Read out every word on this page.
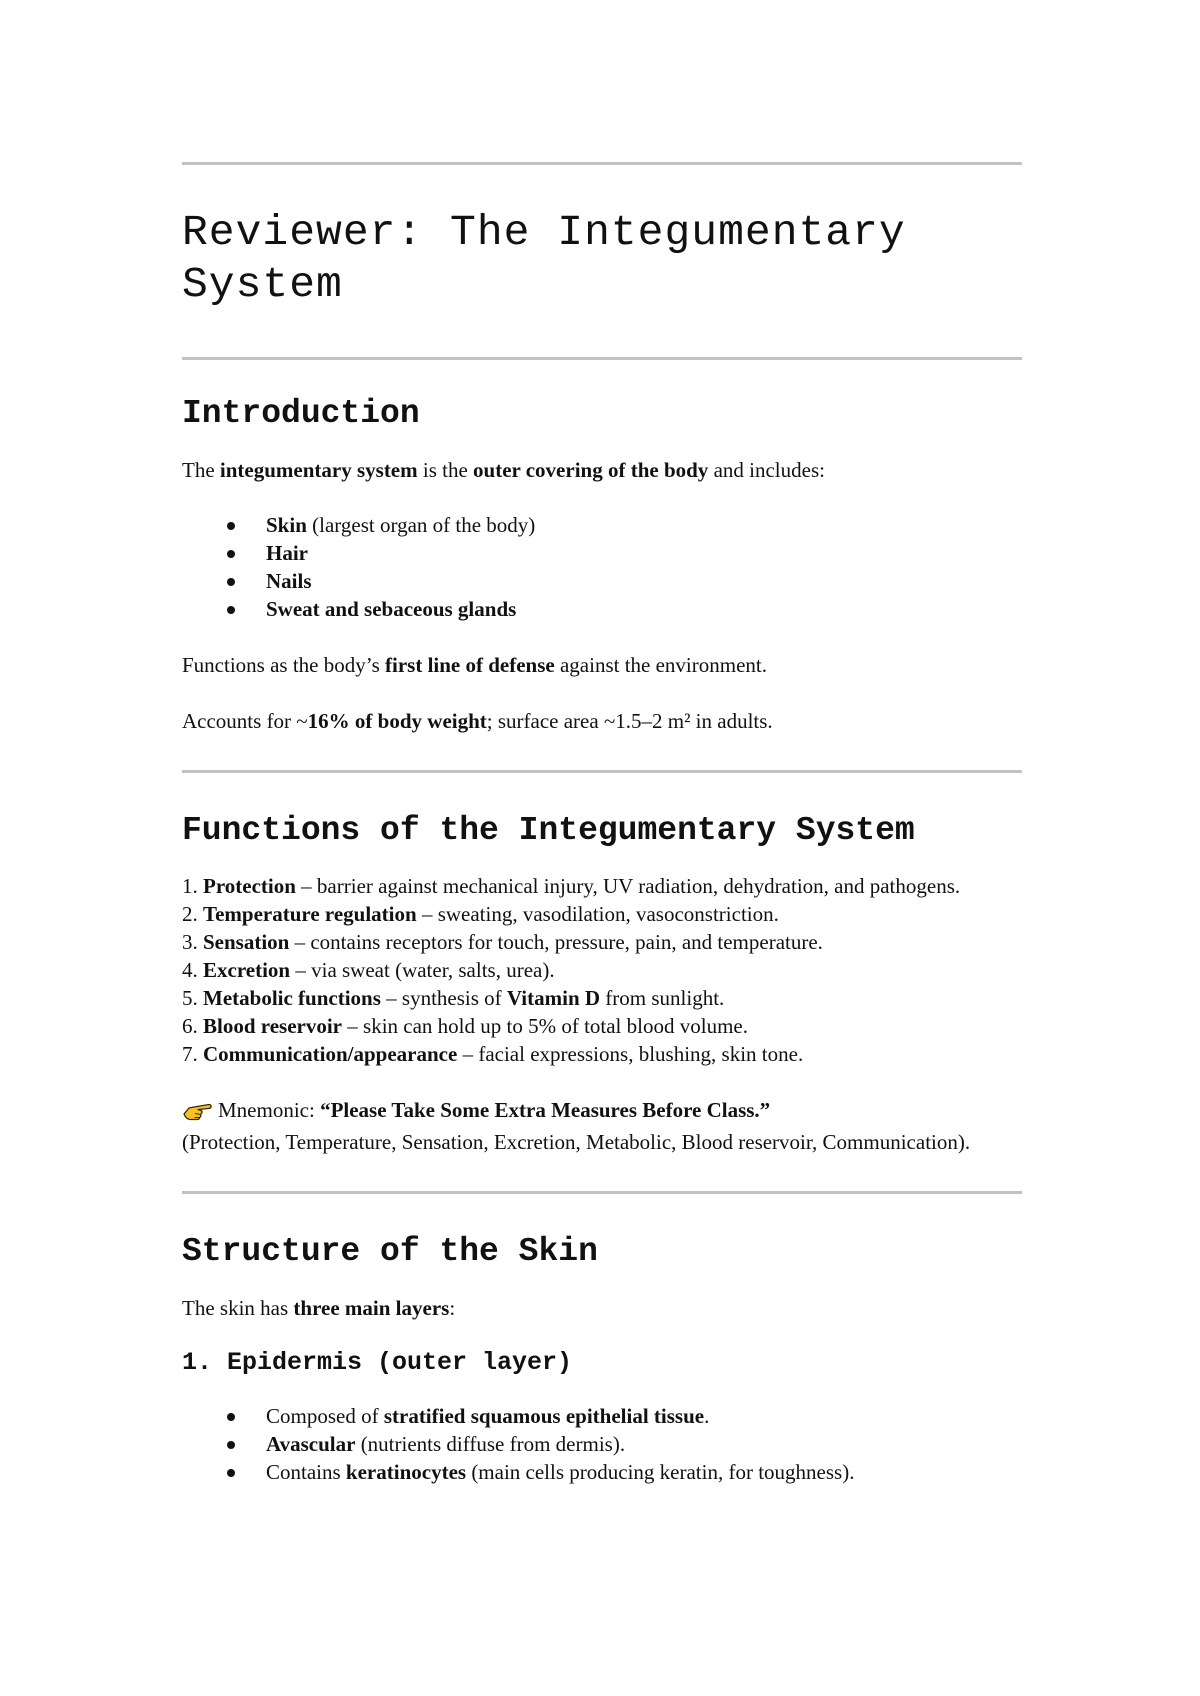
Reviewer: The Integumentary System
Introduction

The integumentary system is the outer covering of the body and includes:

Skin (largest organ of the body)
Hair
Nails
Sweat and sebaceous glands

Functions as the body’s first line of defense against the environment.

Accounts for ~16% of body weight; surface area ~1.5–2 m² in adults.

Functions of the Integumentary System
1. Protection – barrier against mechanical injury, UV radiation, dehydration, and pathogens.
2. Temperature regulation – sweating, vasodilation, vasoconstriction.
3. Sensation – contains receptors for touch, pressure, pain, and temperature.
4. Excretion – via sweat (water, salts, urea).
5. Metabolic functions – synthesis of Vitamin D from sunlight.
6. Blood reservoir – skin can hold up to 5% of total blood volume.
7. Communication/appearance – facial expressions, blushing, skin tone.

Mnemonic: “Please Take Some Extra Measures Before Class.”
(Protection, Temperature, Sensation, Excretion, Metabolic, Blood reservoir, Communication).

Structure of the Skin

The skin has three main layers:

1. Epidermis (outer layer)
Composed of stratified squamous epithelial tissue.
Avascular (nutrients diffuse from dermis).
Contains keratinocytes (main cells producing keratin, for toughness).
